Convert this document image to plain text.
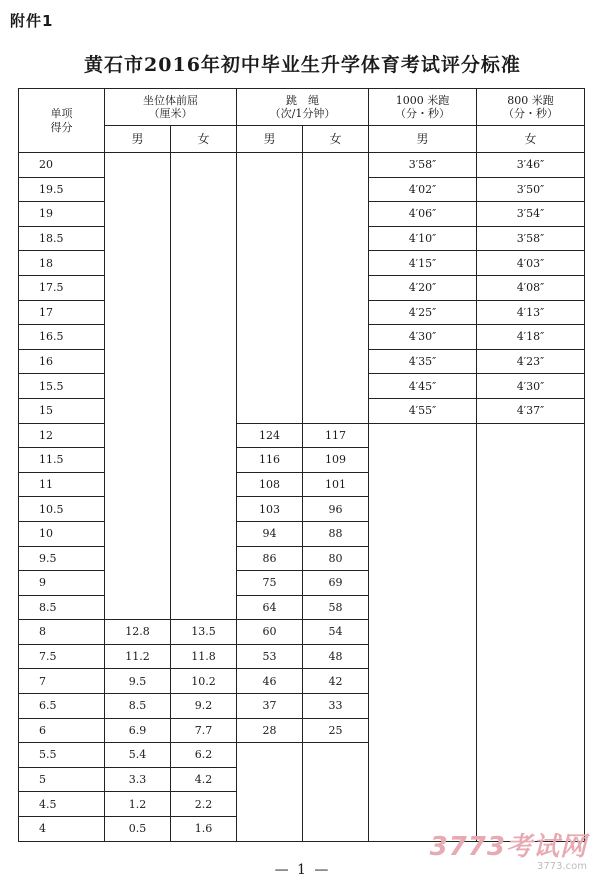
附件1
黄石市2016年初中毕业生升学体育考试评分标准
单项
得分	坐位体前屈
（厘米）		跳　绳
（次/1分钟）		1000 米跑
（分・秒）	800 米跑
（分・秒）
	男	女	男	女	男	女
20					3′58″	3′46″
19.5					4′02″	3′50″
19					4′06″	3′54″
18.5					4′10″	3′58″
18					4′15″	4′03″
17.5					4′20″	4′08″
17					4′25″	4′13″
16.5					4′30″	4′18″
16					4′35″	4′23″
15.5					4′45″	4′30″
15					4′55″	4′37″
12			124	117		
11.5			116	109		
11			108	101		
10.5			103	96		
10			94	88		
9.5			86	80		
9			75	69		
8.5			64	58		
8	12.8	13.5	60	54		
7.5	11.2	11.8	53	48		
7	9.5	10.2	46	42		
6.5	8.5	9.2	37	33		
6	6.9	7.7	28	25		
5.5	5.4	6.2				
5	3.3	4.2				
4.5	1.2	2.2				
4	0.5	1.6				
— 1 —
3773考试网
3773.com
